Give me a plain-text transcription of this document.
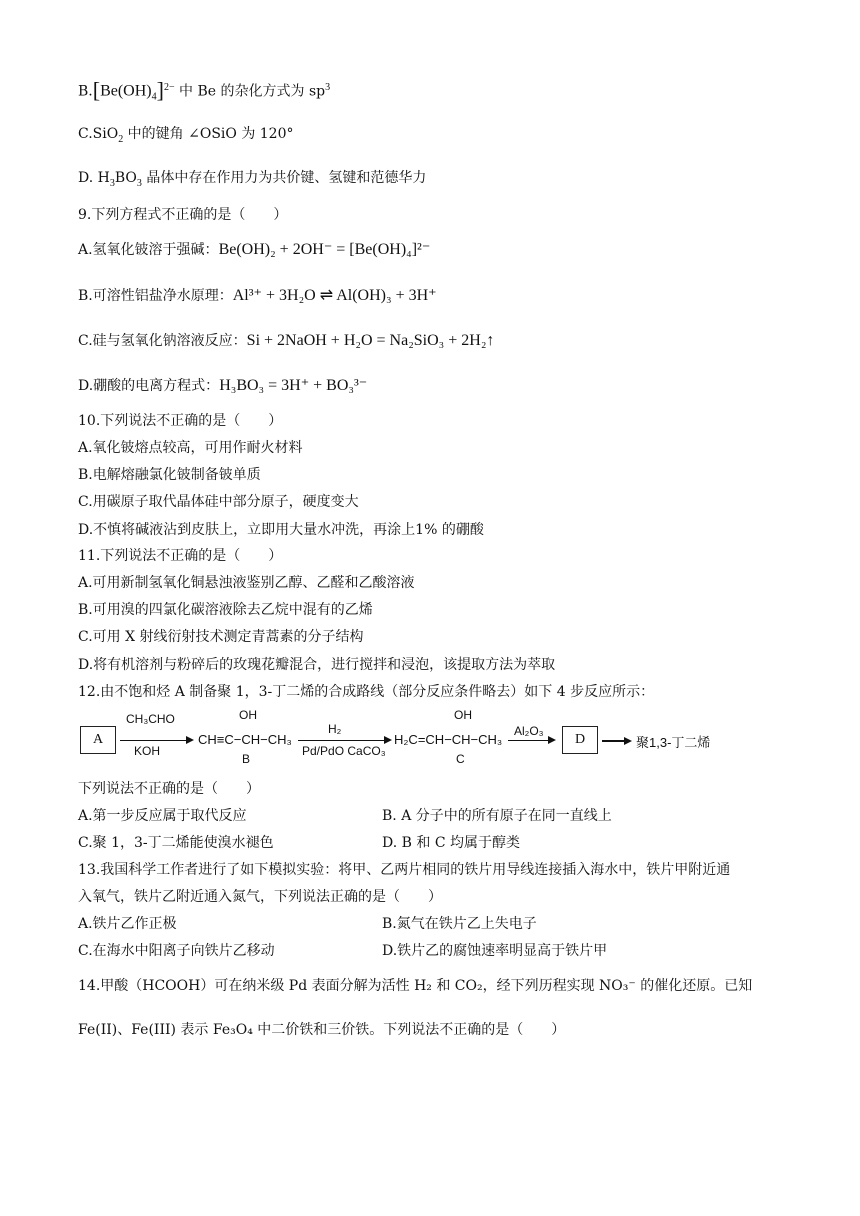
$B.[Be(OH)_4]^{2-}$ 中 Be 的杂化方式为 $sp^3$
C.SiO$_2$ 中的键角 ∠OSiO 为 120°
D. $H_3BO_3$ 晶体中存在作用力为共价键、氢键和范德华力
9.下列方程式不正确的是（　　）
A.氢氧化铍溶于强碱：Be(OH)₂ + 2OH⁻ = [Be(OH)₄]²⁻
B.可溶性铝盐净水原理：Al³⁺ + 3H₂O ⇌ Al(OH)₃ + 3H⁺
C.硅与氢氧化钠溶液反应：Si + 2NaOH + H₂O = Na₂SiO₃ + 2H₂↑
D.硼酸的电离方程式：H₃BO₃ = 3H⁺ + BO₃³⁻
10.下列说法不正确的是（　　）
A.氧化铍熔点较高，可用作耐火材料
B.电解熔融氯化铍制备铍单质
C.用碳原子取代晶体硅中部分原子，硬度变大
D.不慎将碱液沾到皮肤上，立即用大量水冲洗，再涂上1% 的硼酸
11.下列说法不正确的是（　　）
A.可用新制氢氧化铜悬浊液鉴别乙醇、乙醛和乙酸溶液
B.可用溴的四氯化碳溶液除去乙烷中混有的乙烯
C.可用 X 射线衍射技术测定青蒿素的分子结构
D.将有机溶剂与粉碎后的玫瑰花瓣混合，进行搅拌和浸泡，该提取方法为萃取
12.由不饱和烃 A 制备聚 1，3-丁二烯的合成路线（部分反应条件略去）如下 4 步反应所示：
A
CH₃CHO
KOH
OH
CH≡C−CH−CH₃
B
H₂
Pd/PdO CaCO₃
OH
H₂C=CH−CH−CH₃
C
Al₂O₃
→	D	→ 聚1,3-丁二烯
下列说法不正确的是（　　）
A.第一步反应属于取代反应	B. A 分子中的所有原子在同一直线上
C.聚 1，3-丁二烯能使溴水褪色	D. B 和 C 均属于醇类
13.我国科学工作者进行了如下模拟实验：将甲、乙两片相同的铁片用导线连接插入海水中，铁片甲附近通
入氧气，铁片乙附近通入氮气，下列说法正确的是（　　）
A.铁片乙作正极	B.氮气在铁片乙上失电子
C.在海水中阳离子向铁片乙移动	D.铁片乙的腐蚀速率明显高于铁片甲
14.甲酸（HCOOH）可在纳米级 Pd 表面分解为活性 H₂ 和 CO₂，经下列历程实现 NO₃⁻ 的催化还原。已知
Fe(II)、Fe(III) 表示 Fe₃O₄ 中二价铁和三价铁。下列说法不正确的是（　　）
